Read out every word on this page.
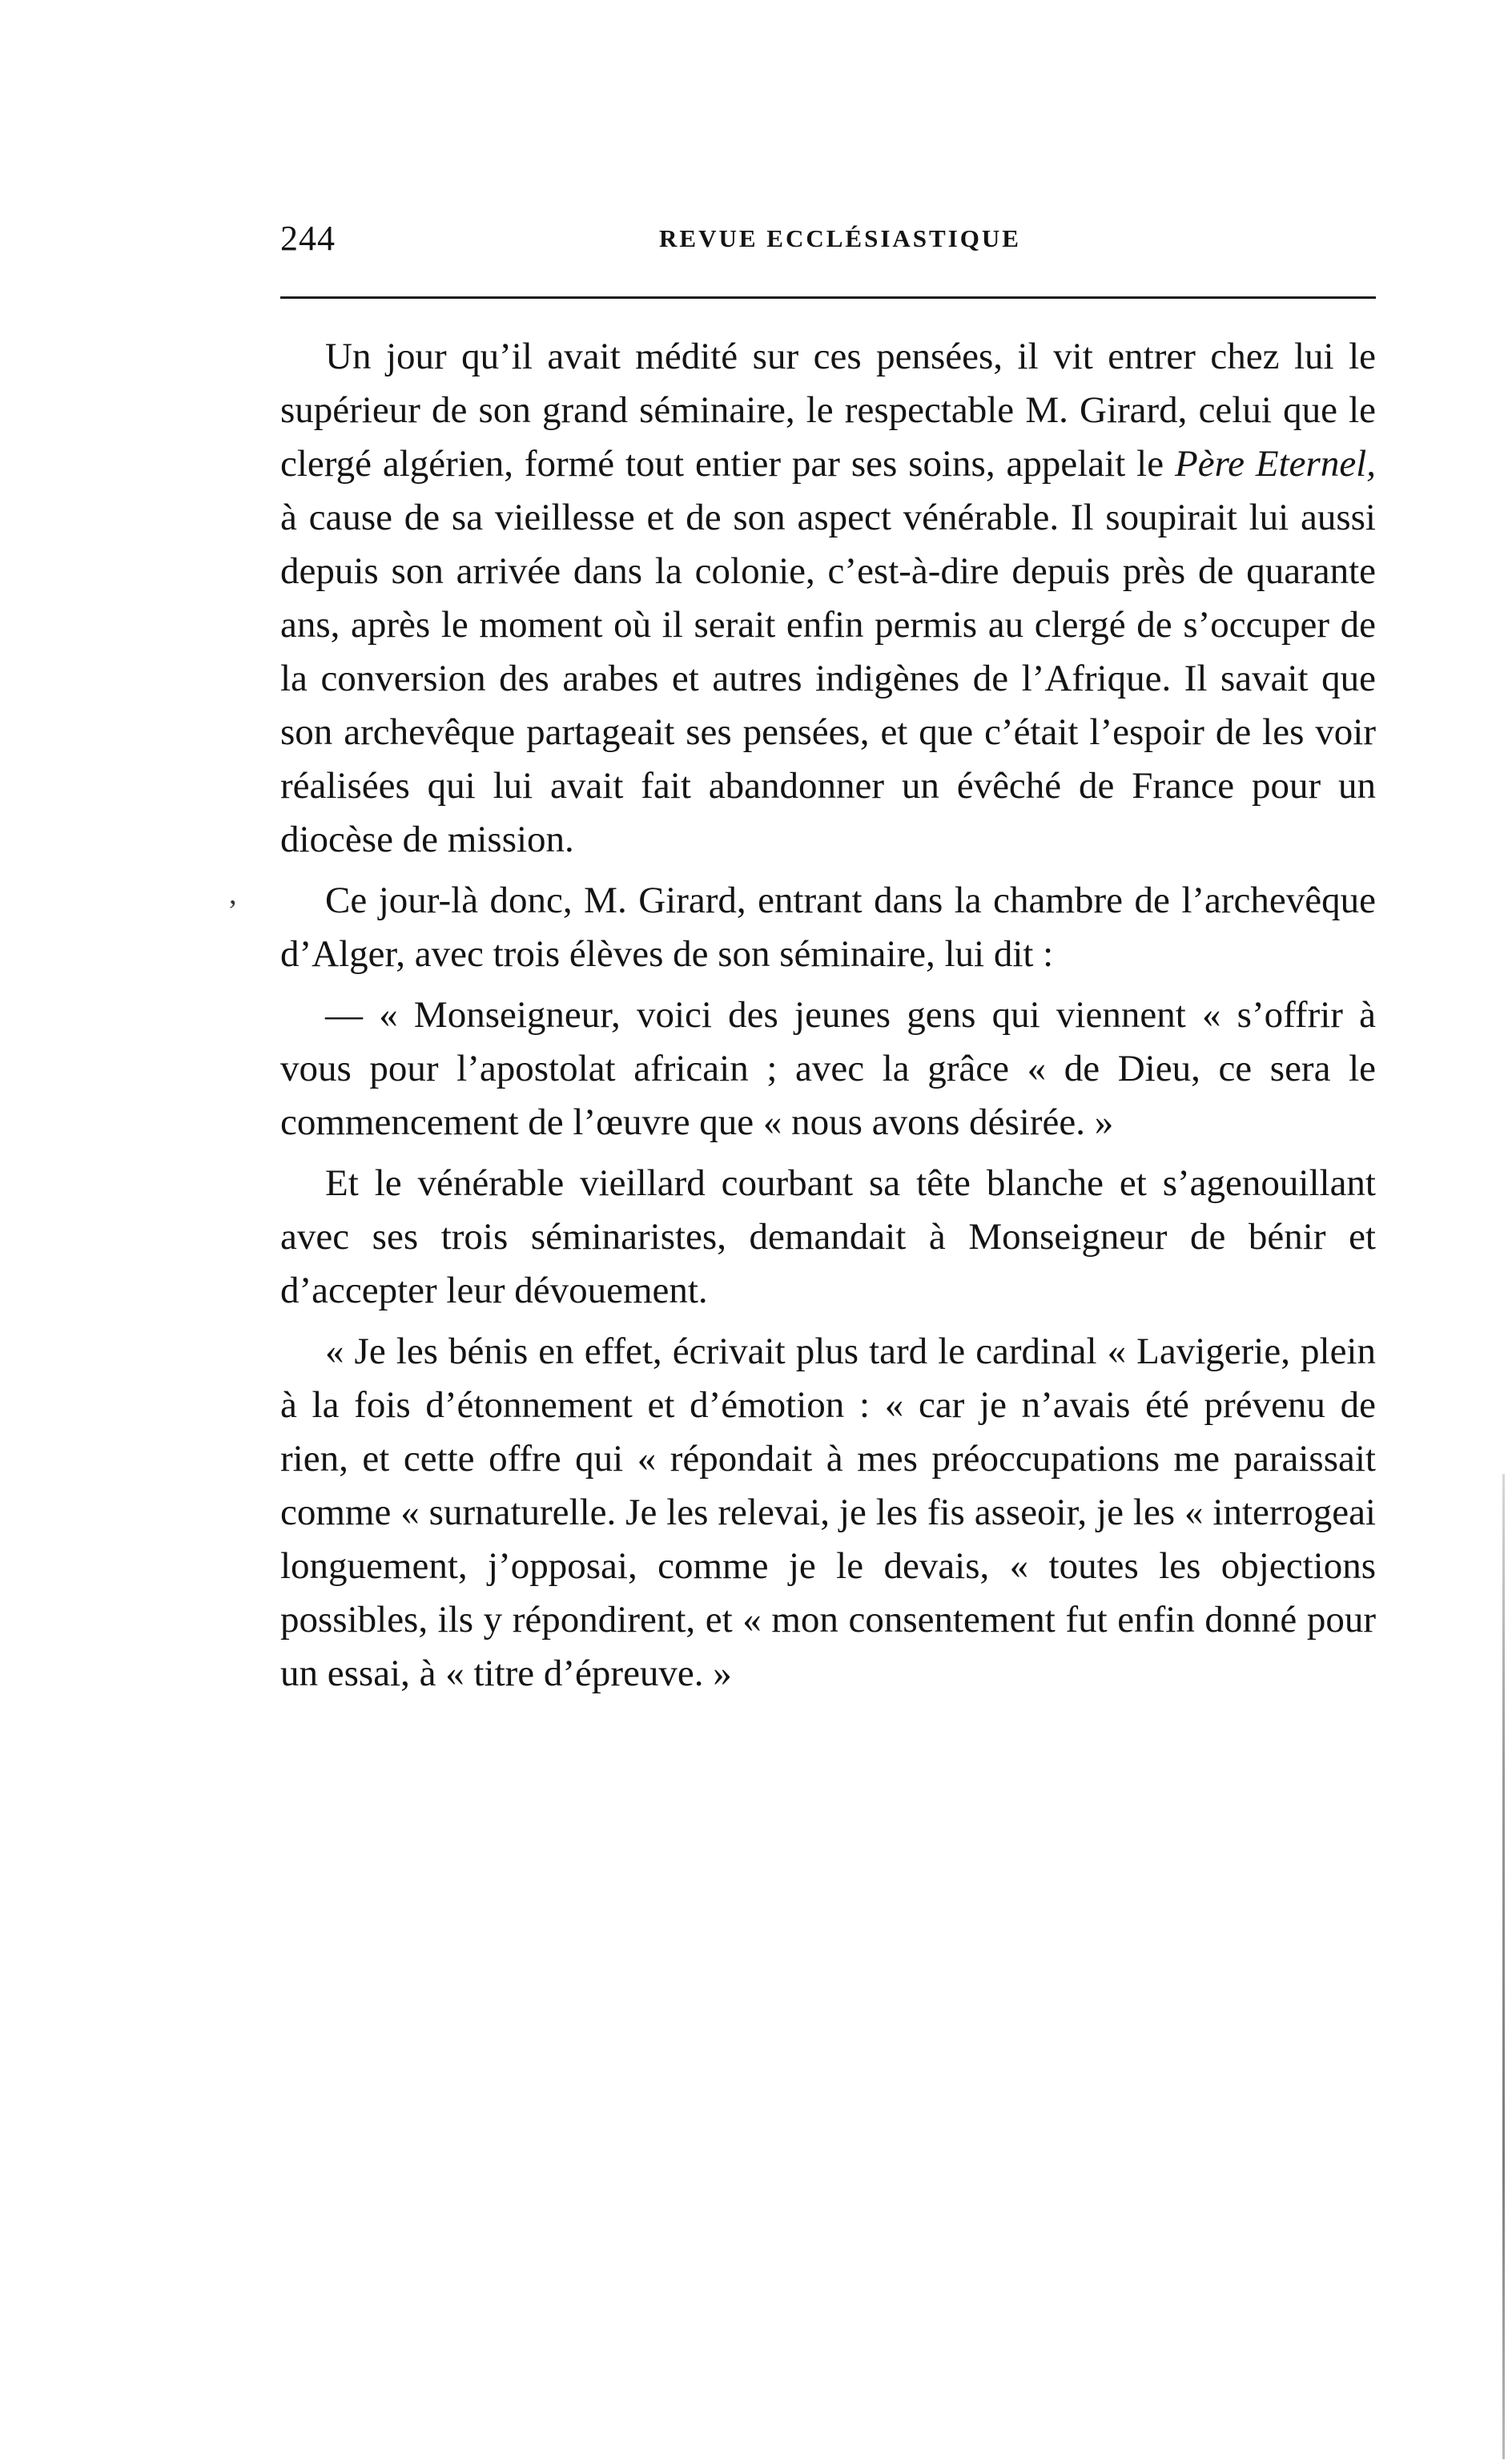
244	REVUE ECCLÉSIASTIQUE
,

Un jour qu’il avait médité sur ces pensées, il vit entrer chez lui le supérieur de son grand séminaire, le respectable M. Girard, celui que le clergé algérien, formé tout entier par ses soins, appelait le Père Eternel, à cause de sa vieillesse et de son aspect vénérable. Il soupirait lui aussi depuis son arrivée dans la colonie, c’est-à-dire depuis près de quarante ans, après le moment où il serait enfin permis au clergé de s’occuper de la conversion des arabes et autres indigènes de l’Afrique. Il savait que son archevêque partageait ses pensées, et que c’était l’espoir de les voir réalisées qui lui avait fait abandonner un évêché de France pour un diocèse de mission.

Ce jour-là donc, M. Girard, entrant dans la chambre de l’archevêque d’Alger, avec trois élèves de son séminaire, lui dit :

— « Monseigneur, voici des jeunes gens qui viennent « s’offrir à vous pour l’apostolat africain ; avec la grâce « de Dieu, ce sera le commencement de l’œuvre que « nous avons désirée. »

Et le vénérable vieillard courbant sa tête blanche et s’agenouillant avec ses trois séminaristes, demandait à Monseigneur de bénir et d’accepter leur dévouement.

« Je les bénis en effet, écrivait plus tard le cardinal « Lavigerie, plein à la fois d’étonnement et d’émotion : « car je n’avais été prévenu de rien, et cette offre qui « répondait à mes préoccupations me paraissait comme « surnaturelle. Je les relevai, je les fis asseoir, je les « interrogeai longuement, j’opposai, comme je le devais, « toutes les objections possibles, ils y répondirent, et « mon consentement fut enfin donné pour un essai, à « titre d’épreuve. »
